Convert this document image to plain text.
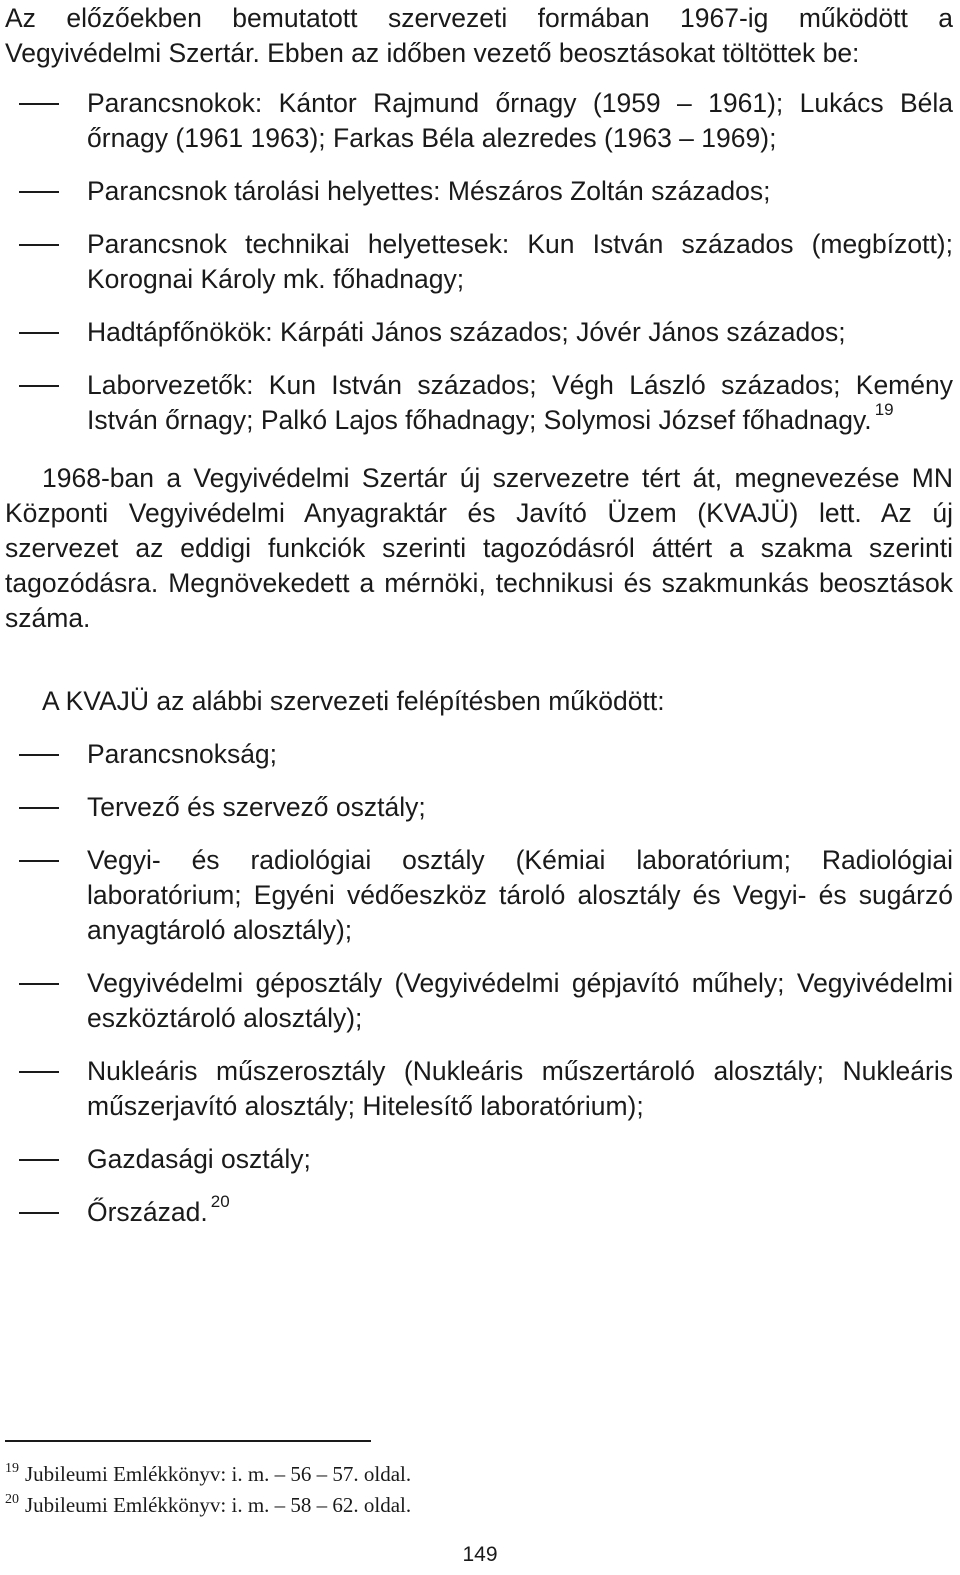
Az előzőekben bemutatott szervezeti formában 1967-ig működött a Vegyivédelmi Szertár. Ebben az időben vezető beosztásokat töltöttek be:

Parancsnokok: Kántor Rajmund őrnagy (1959 – 1961); Lukács Béla őrnagy (1961 1963); Farkas Béla alezredes (1963 – 1969);
Parancsnok tárolási helyettes: Mészáros Zoltán százados;
Parancsnok technikai helyettesek: Kun István százados (megbízott); Korognai Károly mk. főhadnagy;
Hadtápfőnökök: Kárpáti János százados; Jóvér János százados;
Laborvezetők: Kun István százados; Végh László százados; Kemény István őrnagy; Palkó Lajos főhadnagy; Solymosi József főhadnagy. $^{19}$

1968-ban a Vegyivédelmi Szertár új szervezetre tért át, megnevezése MN Központi Vegyivédelmi Anyagraktár és Javító Üzem (KVAJÜ) lett. Az új szervezet az eddigi funkciók szerinti tagozódásról áttért a szakma szerinti tagozódásra. Megnövekedett a mérnöki, technikusi és szakmunkás beosztások száma.

A KVAJÜ az alábbi szervezeti felépítésben működött:

Parancsnokság;
Tervező és szervező osztály;
Vegyi- és radiológiai osztály (Kémiai laboratórium; Radiológiai laboratórium; Egyéni védőeszköz tároló alosztály és Vegyi- és sugárzó anyagtároló alosztály);
Vegyivédelmi géposztály (Vegyivédelmi gépjavító műhely; Vegyivédelmi eszköztároló alosztály);
Nukleáris műszerosztály (Nukleáris műszertároló alosztály; Nukleáris műszerjavító alosztály; Hitelesítő laboratórium);
Gazdasági osztály;
Őrszázad. $^{20}$
$^{19}$ Jubileumi Emlékkönyv: i. m. – 56 – 57. oldal.
$^{20}$ Jubileumi Emlékkönyv: i. m. – 58 – 62. oldal.
149
